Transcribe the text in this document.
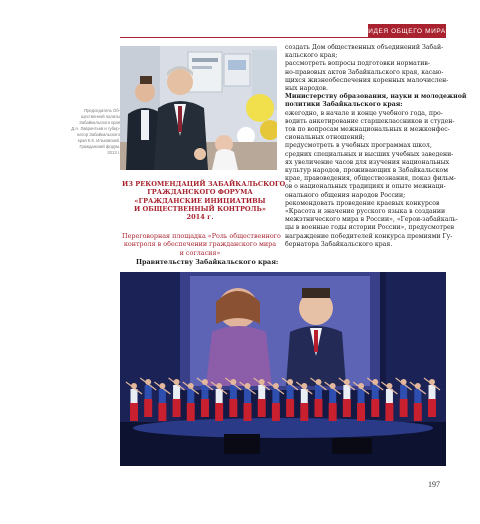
ИДЕЯ ОБЩЕГО МИРА
Председатель Об-
щественной палаты
Забайкальского края
Д.А. Лаврентьев и губер-
натор Забайкальского
края К.К. Ильковский.
Гражданский форум.
2013 г.
ИЗ РЕКОМЕНДАЦИЙ ЗАБАЙКАЛЬСКОГО
ГРАЖДАНСКОГО ФОРУМА
«ГРАЖДАНСКИЕ ИНИЦИАТИВЫ
И ОБЩЕСТВЕННЫЙ КОНТРОЛЬ»
2014 г.
Переговорная площадка «Роль общественного
контроля в обеспечении гражданского мира
и согласия»
Правительству Забайкальского края:
создать Дом общественных объединений Забай-
кальского края;
рассмотреть вопросы подготовки норматив-
но-правовых актов Забайкальского края, касаю-
щихся жизнеобеспечения коренных малочислен-
ных народов.
Министерству образования, науки и молодежной
политики Забайкальского края:
ежегодно, в начале и конце учебного года, про-
водить анкетирование старшеклассников и студен-
тов по вопросам межнациональных и межконфес-
сиональных отношений;
предусмотреть в учебных программах школ,
средних специальных и высших учебных заведени-
ях увеличение часов для изучения национальных
культур народов, проживающих в Забайкальском
крае, правоведения, обществознания, показ фильм-
ов о национальных традициях и опыте межнаци-
онального общения народов России;
рекомендовать проведение краевых конкурсов
«Красота и значение русского языка в создании
межэтнического мира в России», «Герои-забайкаль-
цы в военные годы истории России», предусмотрев
награждение победителей конкурса премиями Гу-
бернатора Забайкальского края.
197
